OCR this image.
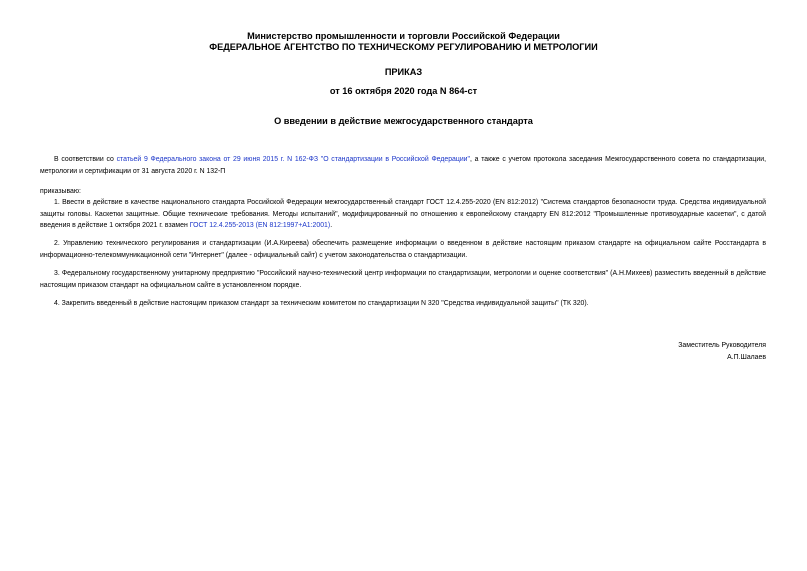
Министерство промышленности и торговли Российской Федерации
ФЕДЕРАЛЬНОЕ АГЕНТСТВО ПО ТЕХНИЧЕСКОМУ РЕГУЛИРОВАНИЮ И МЕТРОЛОГИИ
ПРИКАЗ
от 16 октября 2020 года N 864-ст
О введении в действие межгосударственного стандарта
В соответствии со статьей 9 Федерального закона от 29 июня 2015 г. N 162-ФЗ "О стандартизации в Российской Федерации", а также с учетом протокола заседания Межгосударственного совета по стандартизации, метрологии и сертификации от 31 августа 2020 г. N 132-П
приказываю:
1. Ввести в действие в качестве национального стандарта Российской Федерации межгосударственный стандарт ГОСТ 12.4.255-2020 (EN 812:2012) "Система стандартов безопасности труда. Средства индивидуальной защиты головы. Каскетки защитные. Общие технические требования. Методы испытаний", модифицированный по отношению к европейскому стандарту EN 812:2012 "Промышленные противоударные каскетки", с датой введения в действие 1 октября 2021 г. взамен ГОСТ 12.4.255-2013 (EN 812:1997+A1:2001).
2. Управлению технического регулирования и стандартизации (И.А.Киреева) обеспечить размещение информации о введенном в действие настоящим приказом стандарте на официальном сайте Росстандарта в информационно-телекоммуникационной сети "Интернет" (далее - официальный сайт) с учетом законодательства о стандартизации.
3. Федеральному государственному унитарному предприятию "Российский научно-технический центр информации по стандартизации, метрологии и оценке соответствия" (А.Н.Михеев) разместить введенный в действие настоящим приказом стандарт на официальном сайте в установленном порядке.
4. Закрепить введенный в действие настоящим приказом стандарт за техническим комитетом по стандартизации N 320 "Средства индивидуальной защиты" (ТК 320).
Заместитель Руководителя
А.П.Шалаев
